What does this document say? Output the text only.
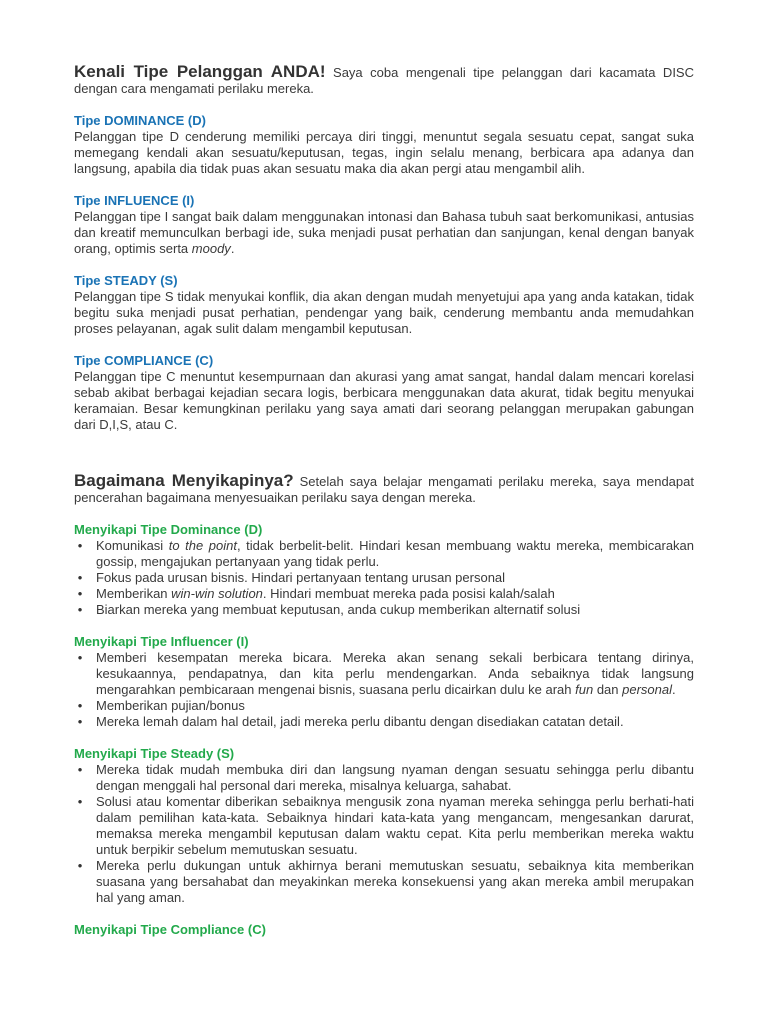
Kenali Tipe Pelanggan ANDA! Saya coba mengenali tipe pelanggan dari kacamata DISC dengan cara mengamati perilaku mereka.

Tipe DOMINANCE (D)

Pelanggan tipe D cenderung memiliki percaya diri tinggi, menuntut segala sesuatu cepat, sangat suka memegang kendali akan sesuatu/keputusan, tegas, ingin selalu menang, berbicara apa adanya dan langsung, apabila dia tidak puas akan sesuatu maka dia akan pergi atau mengambil alih.

Tipe INFLUENCE (I)

Pelanggan tipe I sangat baik dalam menggunakan intonasi dan Bahasa tubuh saat berkomunikasi, antusias dan kreatif memunculkan berbagi ide, suka menjadi pusat perhatian dan sanjungan, kenal dengan banyak orang, optimis serta moody.

Tipe STEADY (S)

Pelanggan tipe S tidak menyukai konflik, dia akan dengan mudah menyetujui apa yang anda katakan, tidak begitu suka menjadi pusat perhatian, pendengar yang baik, cenderung membantu anda memudahkan proses pelayanan, agak sulit dalam mengambil keputusan.

Tipe COMPLIANCE (C)

Pelanggan tipe C menuntut kesempurnaan dan akurasi yang amat sangat, handal dalam mencari korelasi sebab akibat berbagai kejadian secara logis, berbicara menggunakan data akurat, tidak begitu menyukai keramaian. Besar kemungkinan perilaku yang saya amati dari seorang pelanggan merupakan gabungan dari D,I,S, atau C.

Bagaimana Menyikapinya? Setelah saya belajar mengamati perilaku mereka, saya mendapat pencerahan bagaimana menyesuaikan perilaku saya dengan mereka.

Menyikapi Tipe Dominance (D)

• Komunikasi to the point, tidak berbelit-belit. Hindari kesan membuang waktu mereka, membicarakan gossip, mengajukan pertanyaan yang tidak perlu.
• Fokus pada urusan bisnis. Hindari pertanyaan tentang urusan personal
• Memberikan win-win solution. Hindari membuat mereka pada posisi kalah/salah
• Biarkan mereka yang membuat keputusan, anda cukup memberikan alternatif solusi

Menyikapi Tipe Influencer (I)

• Memberi kesempatan mereka bicara. Mereka akan senang sekali berbicara tentang dirinya, kesukaannya, pendapatnya, dan kita perlu mendengarkan. Anda sebaiknya tidak langsung mengarahkan pembicaraan mengenai bisnis, suasana perlu dicairkan dulu ke arah fun dan personal.
• Memberikan pujian/bonus
• Mereka lemah dalam hal detail, jadi mereka perlu dibantu dengan disediakan catatan detail.

Menyikapi Tipe Steady (S)

• Mereka tidak mudah membuka diri dan langsung nyaman dengan sesuatu sehingga perlu dibantu dengan menggali hal personal dari mereka, misalnya keluarga, sahabat.
• Solusi atau komentar diberikan sebaiknya mengusik zona nyaman mereka sehingga perlu berhati-hati dalam pemilihan kata-kata. Sebaiknya hindari kata-kata yang mengancam, mengesankan darurat, memaksa mereka mengambil keputusan dalam waktu cepat. Kita perlu memberikan mereka waktu untuk berpikir sebelum memutuskan sesuatu.
• Mereka perlu dukungan untuk akhirnya berani memutuskan sesuatu, sebaiknya kita memberikan suasana yang bersahabat dan meyakinkan mereka konsekuensi yang akan mereka ambil merupakan hal yang aman.

Menyikapi Tipe Compliance (C)
